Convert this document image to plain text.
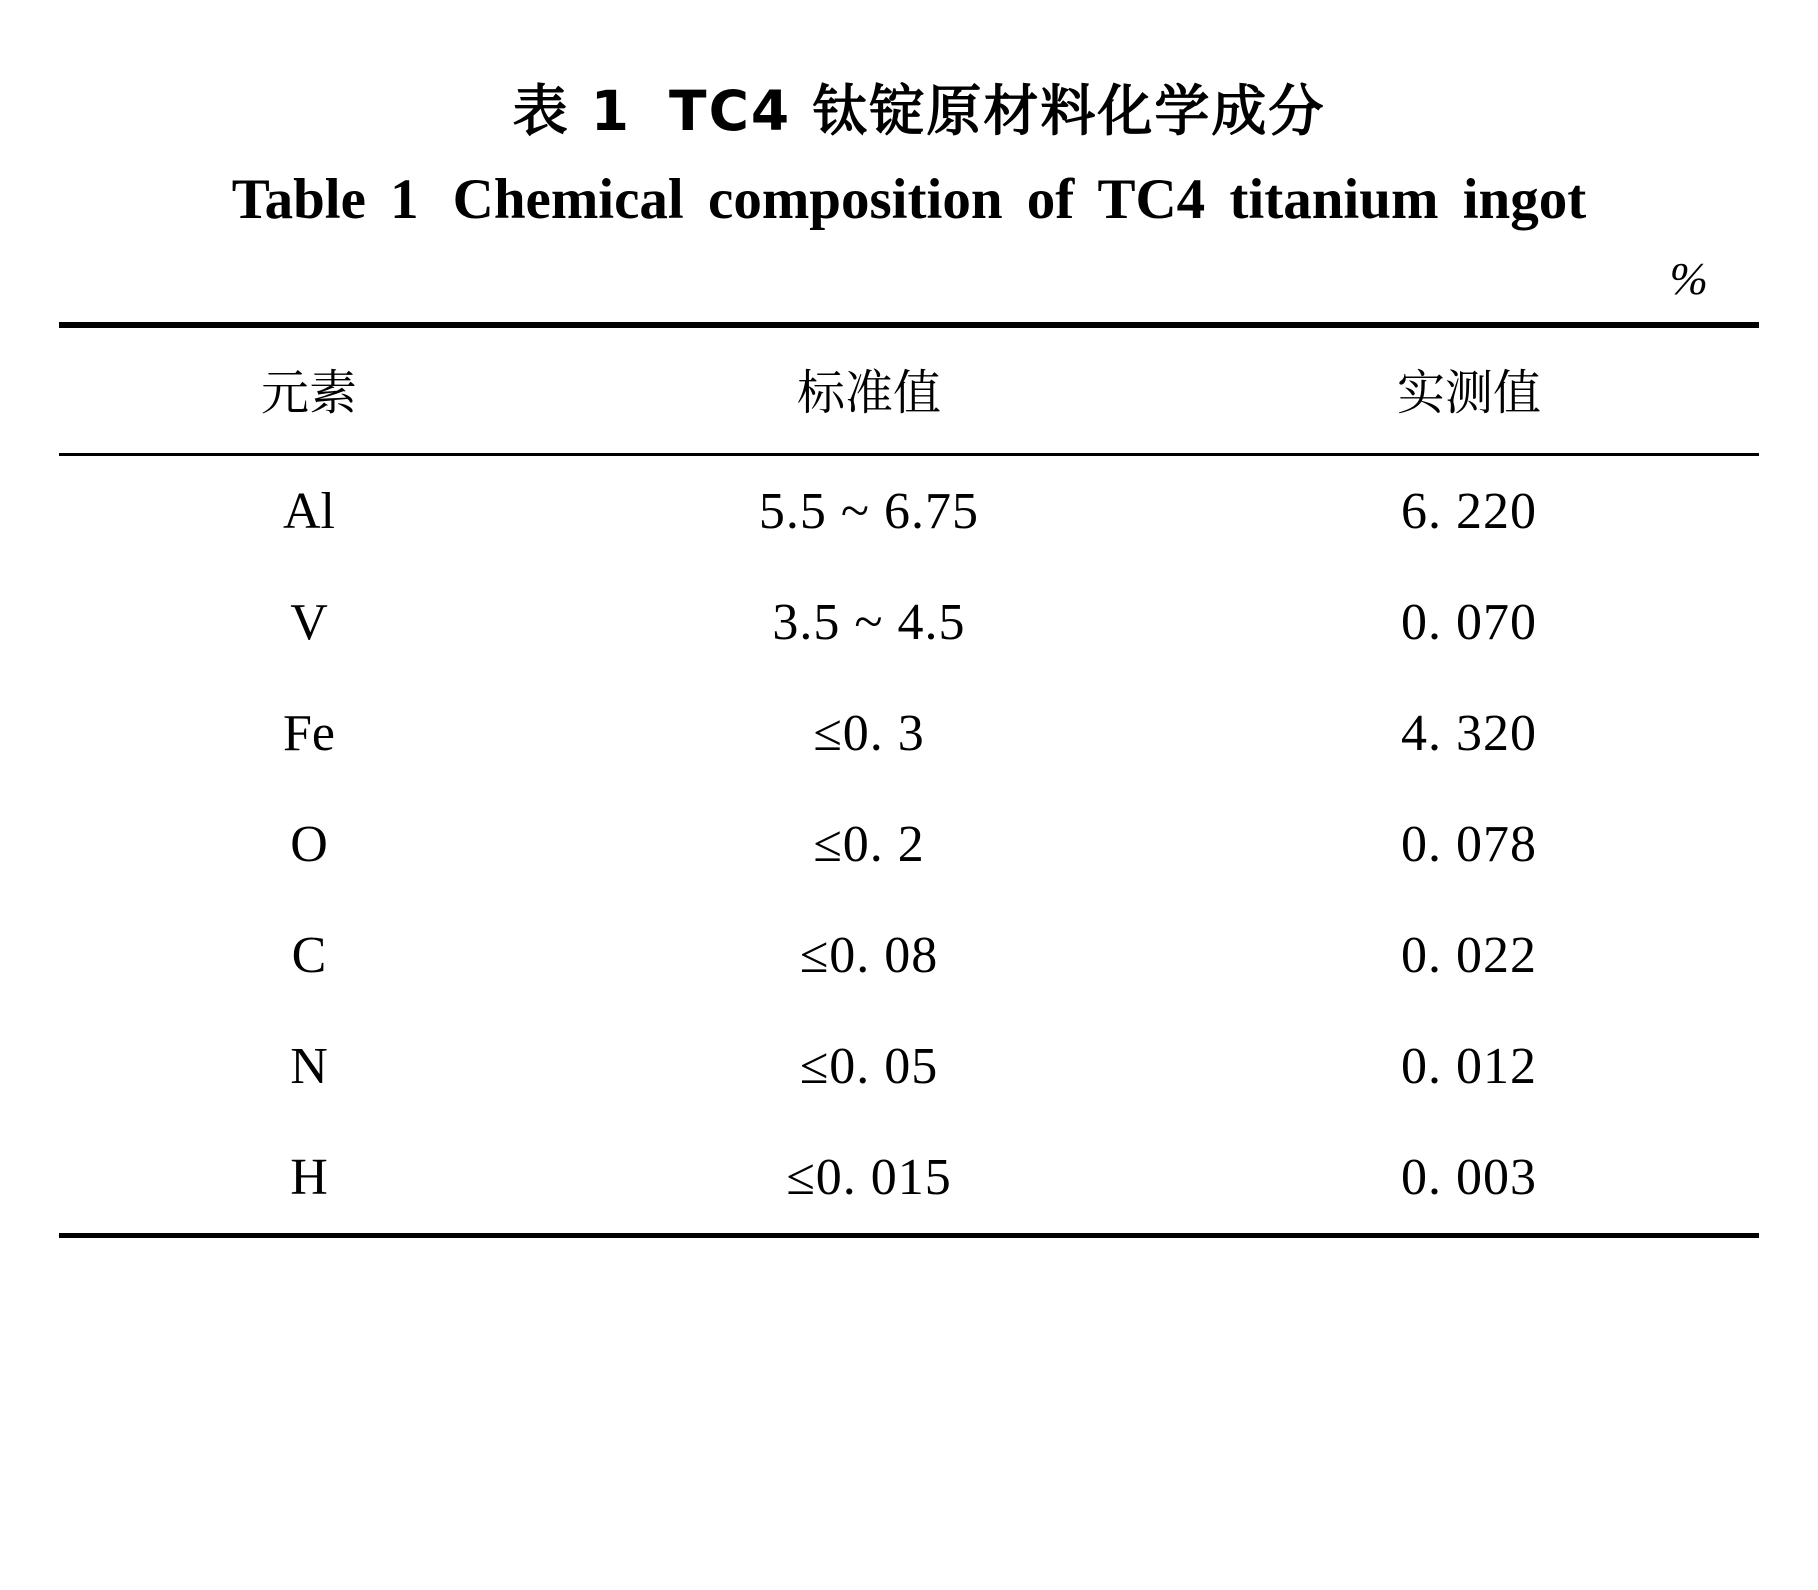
表 1 TC4 钛锭原材料化学成分
Table 1 Chemical composition of TC4 titanium ingot
%
元素	标准值	实测值
Al	5.5 ~ 6.75	6. 220
V	3.5 ~ 4.5	0. 070
Fe	≤0. 3	4. 320
O	≤0. 2	0. 078
C	≤0. 08	0. 022
N	≤0. 05	0. 012
H	≤0. 015	0. 003
